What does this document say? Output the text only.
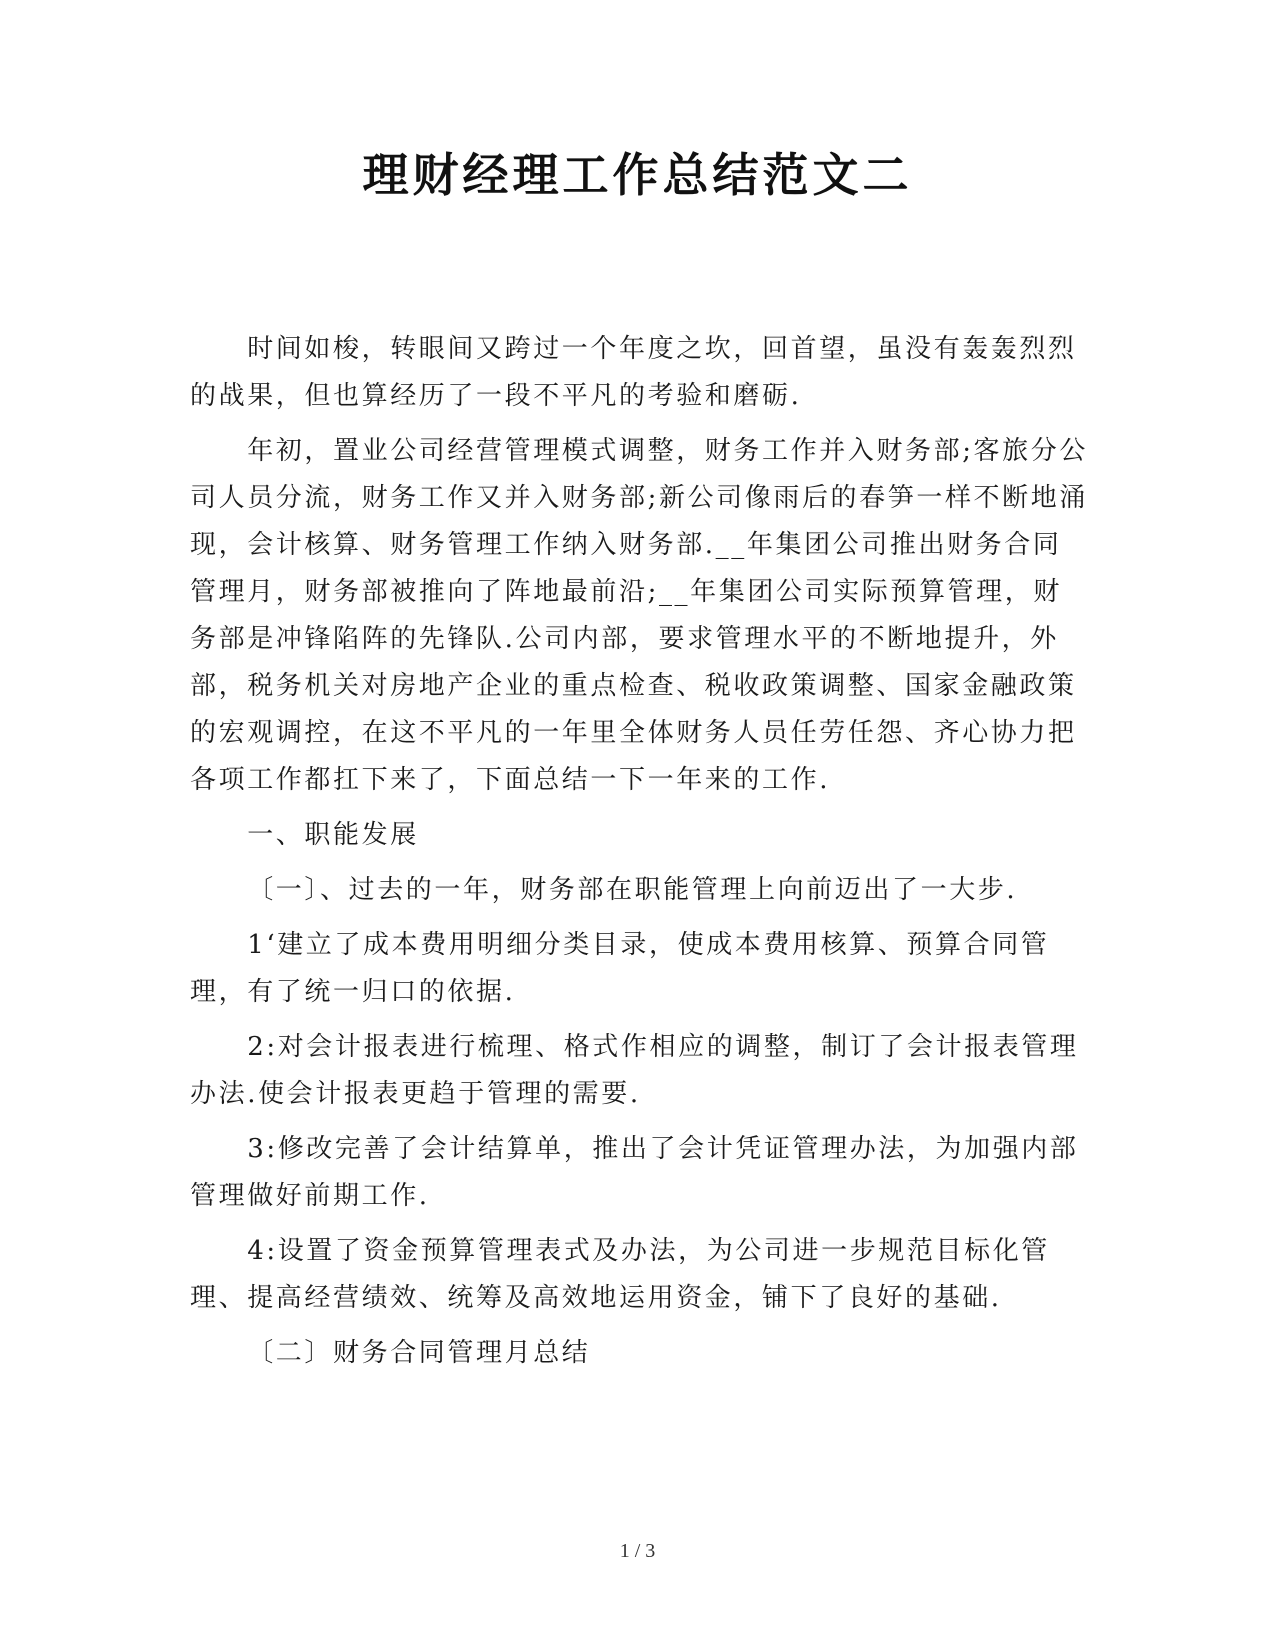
理财经理工作总结范文二

时间如梭，转眼间又跨过一个年度之坎，回首望，虽没有轰轰烈烈的战果，但也算经历了一段不平凡的考验和磨砺.

年初，置业公司经营管理模式调整，财务工作并入财务部;客旅分公司人员分流，财务工作又并入财务部;新公司像雨后的春笋一样不断地涌现，会计核算、财务管理工作纳入财务部.__年集团公司推出财务合同管理月，财务部被推向了阵地最前沿;__年集团公司实际预算管理，财务部是冲锋陷阵的先锋队.公司内部，要求管理水平的不断地提升，外部，税务机关对房地产企业的重点检查、税收政策调整、国家金融政策的宏观调控，在这不平凡的一年里全体财务人员任劳任怨、齐心协力把各项工作都扛下来了，下面总结一下一年来的工作.

一、职能发展

〔一〕、过去的一年，财务部在职能管理上向前迈出了一大步.

1‘建立了成本费用明细分类目录，使成本费用核算、预算合同管理，有了统一归口的依据.

2:对会计报表进行梳理、格式作相应的调整，制订了会计报表管理办法.使会计报表更趋于管理的需要.

3:修改完善了会计结算单，推出了会计凭证管理办法，为加强内部管理做好前期工作.

4:设置了资金预算管理表式及办法，为公司进一步规范目标化管理、提高经营绩效、统筹及高效地运用资金，铺下了良好的基础.

〔二〕财务合同管理月总结

1 / 3
